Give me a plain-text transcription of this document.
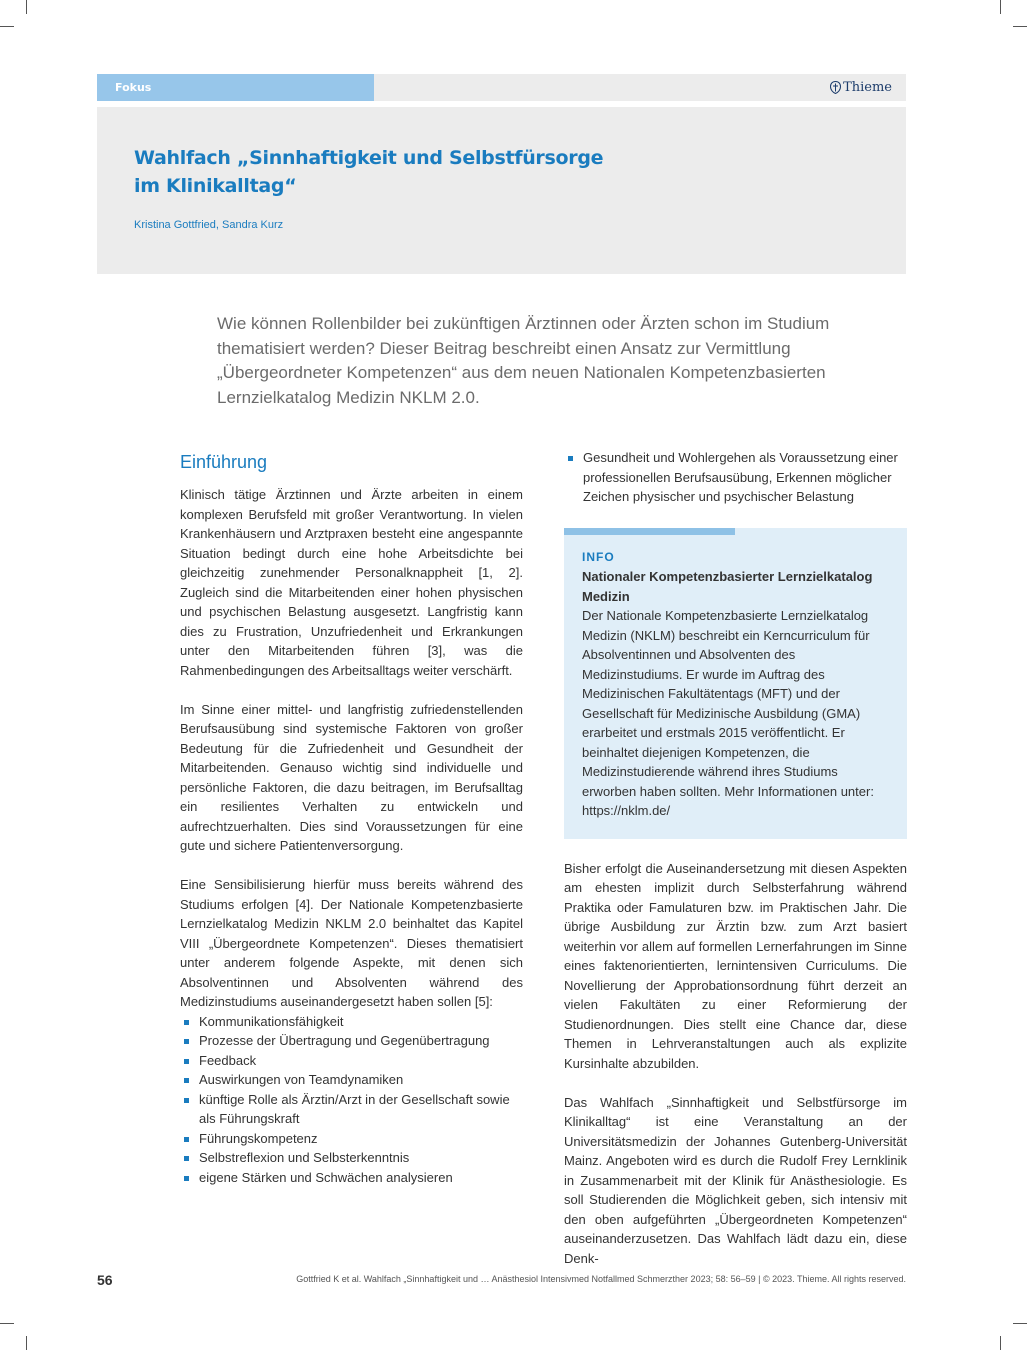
Fokus	Thieme
Wahlfach „Sinnhaftigkeit und Selbstfürsorge
im Klinikalltag“
Kristina Gottfried, Sandra Kurz

Wie können Rollenbilder bei zukünftigen Ärztinnen oder Ärzten schon im Studium thematisiert werden? Dieser Beitrag beschreibt einen Ansatz zur Vermittlung „Übergeordneter Kompetenzen“ aus dem neuen Nationalen Kompetenzbasierten Lernzielkatalog Medizin NKLM 2.0.

Einführung

Klinisch tätige Ärztinnen und Ärzte arbeiten in einem komplexen Berufsfeld mit großer Verantwortung. In vielen Krankenhäusern und Arztpraxen besteht eine angespannte Situation bedingt durch eine hohe Arbeitsdichte bei gleichzeitig zunehmender Personalknappheit [1, 2]. Zugleich sind die Mitarbeitenden einer hohen physischen und psychischen Belastung ausgesetzt. Langfristig kann dies zu Frustration, Unzufriedenheit und Erkrankungen unter den Mitarbeitenden führen [3], was die Rahmenbedingungen des Arbeitsalltags weiter verschärft.

Im Sinne einer mittel- und langfristig zufriedenstellenden Berufsausübung sind systemische Faktoren von großer Bedeutung für die Zufriedenheit und Gesundheit der Mitarbeitenden. Genauso wichtig sind individuelle und persönliche Faktoren, die dazu beitragen, im Berufsalltag ein resilientes Verhalten zu entwickeln und aufrechtzuerhalten. Dies sind Voraussetzungen für eine gute und sichere Patientenversorgung.

Eine Sensibilisierung hierfür muss bereits während des Studiums erfolgen [4]. Der Nationale Kompetenzbasierte Lernzielkatalog Medizin NKLM 2.0 beinhaltet das Kapitel VIII „Übergeordnete Kompetenzen“. Dieses thematisiert unter anderem folgende Aspekte, mit denen sich Absolventinnen und Absolventen während des Medizinstudiums auseinandergesetzt haben sollen [5]:

Kommunikationsfähigkeit
Prozesse der Übertragung und Gegenübertragung
Feedback
Auswirkungen von Teamdynamiken
künftige Rolle als Ärztin/Arzt in der Gesellschaft sowie als Führungskraft
Führungskompetenz
Selbstreflexion und Selbsterkenntnis
eigene Stärken und Schwächen analysieren
Gesundheit und Wohlergehen als Voraussetzung einer professionellen Berufsausübung, Erkennen möglicher Zeichen physischer und psychischer Belastung
INFO
Nationaler Kompetenzbasierter Lernzielkatalog Medizin
Der Nationale Kompetenzbasierte Lernzielkatalog Medizin (NKLM) beschreibt ein Kerncurriculum für Absolventinnen und Absolventen des Medizinstudiums. Er wurde im Auftrag des Medizinischen Fakultätentags (MFT) und der Gesellschaft für Medizinische Ausbildung (GMA) erarbeitet und erstmals 2015 veröffentlicht. Er beinhaltet diejenigen Kompetenzen, die Medizinstudierende während ihres Studiums erworben haben sollten. Mehr Informationen unter: https://nklm.de/

Bisher erfolgt die Auseinandersetzung mit diesen Aspekten am ehesten implizit durch Selbsterfahrung während Praktika oder Famulaturen bzw. im Praktischen Jahr. Die übrige Ausbildung zur Ärztin bzw. zum Arzt basiert weiterhin vor allem auf formellen Lernerfahrungen im Sinne eines faktenorientierten, lernintensiven Curriculums. Die Novellierung der Approbationsordnung führt derzeit an vielen Fakultäten zu einer Reformierung der Studienordnungen. Dies stellt eine Chance dar, diese Themen in Lehrveranstaltungen auch als explizite Kursinhalte abzubilden.

Das Wahlfach „Sinnhaftigkeit und Selbstfürsorge im Klinikalltag“ ist eine Veranstaltung an der Universitätsmedizin der Johannes Gutenberg-Universität Mainz. Angeboten wird es durch die Rudolf Frey Lernklinik in Zusammenarbeit mit der Klinik für Anästhesiologie. Es soll Studierenden die Möglichkeit geben, sich intensiv mit den oben aufgeführten „Übergeordneten Kompetenzen“ auseinanderzusetzen. Das Wahlfach lädt dazu ein, diese Denk-

56	Gottfried K et al. Wahlfach „Sinnhaftigkeit und … Anästhesiol Intensivmed Notfallmed Schmerzther 2023; 58: 56–59 | © 2023. Thieme. All rights reserved.
